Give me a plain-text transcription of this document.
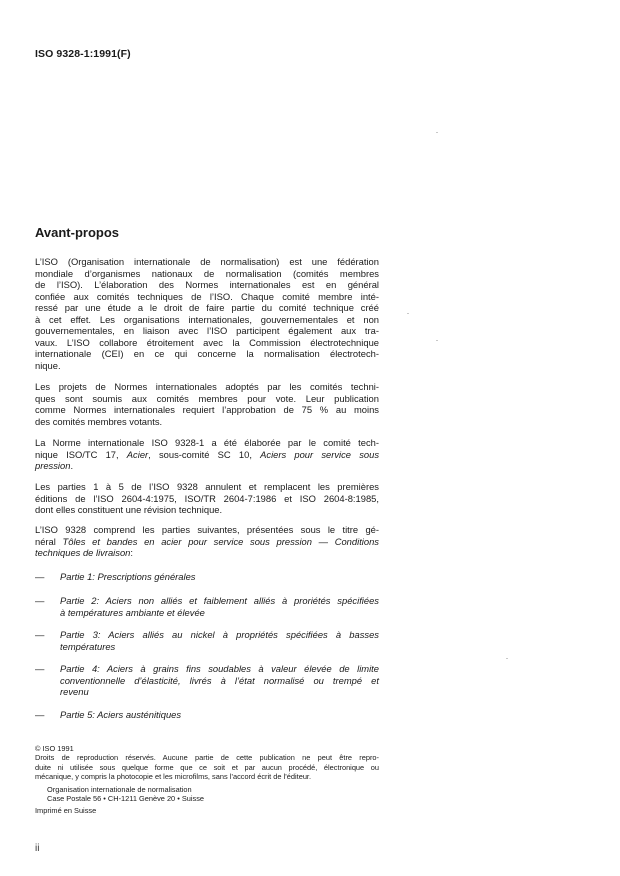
ISO 9328-1:1991(F)
Avant-propos
L’ISO (Organisation internationale de normalisation) est une fédération
mondiale d’organismes nationaux de normalisation (comités membres
de l’ISO). L’élaboration des Normes internationales est en général
confiée aux comités techniques de l’ISO. Chaque comité membre inté-
ressé par une étude a le droit de faire partie du comité technique créé
à cet effet. Les organisations internationales, gouvernementales et non
gouvernementales, en liaison avec l’ISO participent également aux tra-
vaux. L’ISO collabore étroitement avec la Commission électrotechnique
internationale (CEI) en ce qui concerne la normalisation électrotech-
nique.
Les projets de Normes internationales adoptés par les comités techni-
ques sont soumis aux comités membres pour vote. Leur publication
comme Normes internationales requiert l’approbation de 75 % au moins
des comités membres votants.
La Norme internationale ISO 9328-1 a été élaborée par le comité tech-
nique ISO/TC 17, Acier, sous-comité SC 10, Aciers pour service sous
pression.
Les parties 1 à 5 de l’ISO 9328 annulent et remplacent les premières
éditions de l’ISO 2604-4:1975, ISO/TR 2604-7:1986 et ISO 2604-8:1985,
dont elles constituent une révision technique.
L’ISO 9328 comprend les parties suivantes, présentées sous le titre gé-
néral Tôles et bandes en acier pour service sous pression — Conditions
techniques de livraison:
— Partie 1: Prescriptions générales
— Partie 2: Aciers non alliés et faiblement alliés à proriétés spécifiées
à températures ambiante et élevée
— Partie 3: Aciers alliés au nickel à propriétés spécifiées à basses
températures
— Partie 4: Aciers à grains fins soudables à valeur élevée de limite
conventionnelle d’élasticité, livrés à l’état normalisé ou trempé et
revenu
— Partie 5: Aciers austénitiques
© ISO 1991
Droits de reproduction réservés. Aucune partie de cette publication ne peut être repro-
duite ni utilisée sous quelque forme que ce soit et par aucun procédé, électronique ou
mécanique, y compris la photocopie et les microfilms, sans l’accord écrit de l’éditeur.
Organisation internationale de normalisation
Case Postale 56 • CH-1211 Genève 20 • Suisse
Imprimé en Suisse
ii
